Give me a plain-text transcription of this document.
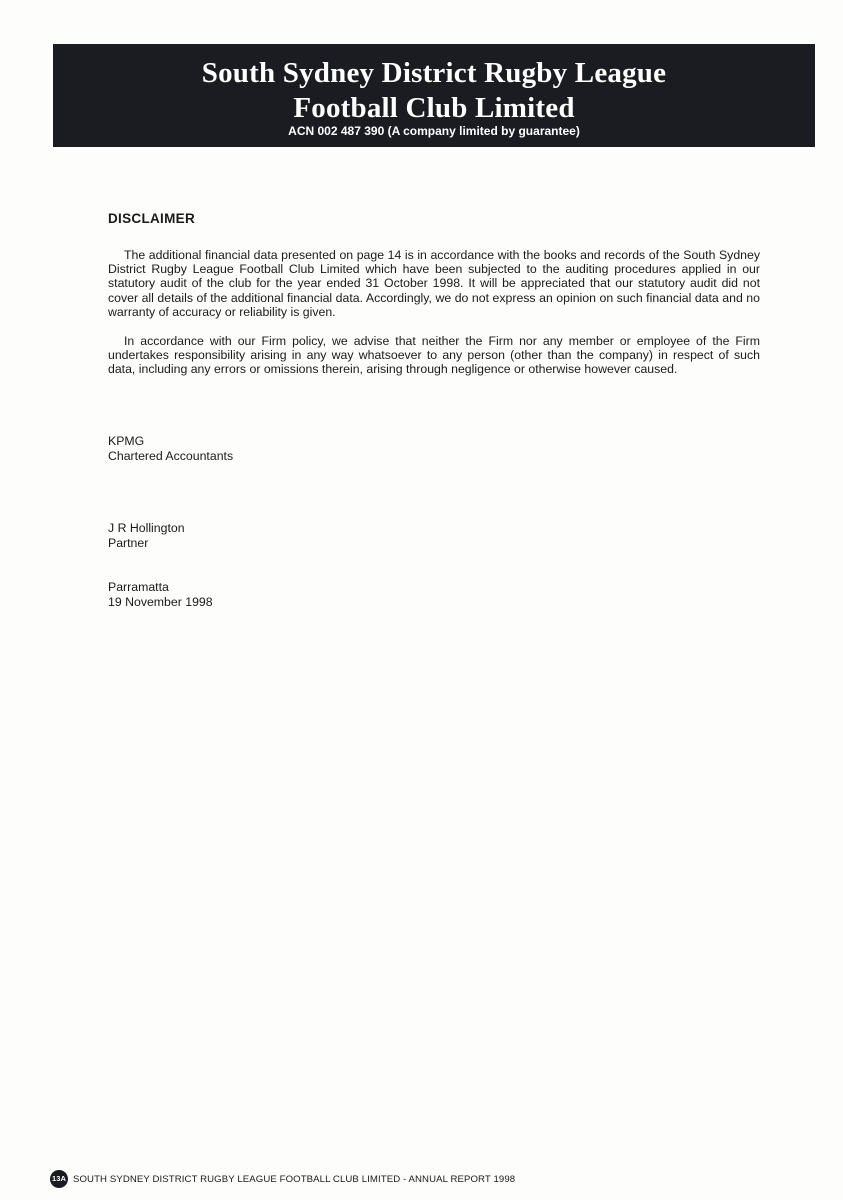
South Sydney District Rugby League
Football Club Limited
ACN 002 487 390 (A company limited by guarantee)
DISCLAIMER

The additional financial data presented on page 14 is in accordance with the books and records of the South Sydney District Rugby League Football Club Limited which have been subjected to the auditing procedures applied in our statutory audit of the club for the year ended 31 October 1998. It will be appreciated that our statutory audit did not cover all details of the additional financial data. Accordingly, we do not express an opinion on such financial data and no warranty of accuracy or reliability is given.

In accordance with our Firm policy, we advise that neither the Firm nor any member or employee of the Firm undertakes responsibility arising in any way whatsoever to any person (other than the company) in respect of such data, including any errors or omissions therein, arising through negligence or otherwise however caused.

KPMG
Chartered Accountants
J R Hollington
Partner
Parramatta
19 November 1998
13A SOUTH SYDNEY DISTRICT RUGBY LEAGUE FOOTBALL CLUB LIMITED - ANNUAL REPORT 1998
